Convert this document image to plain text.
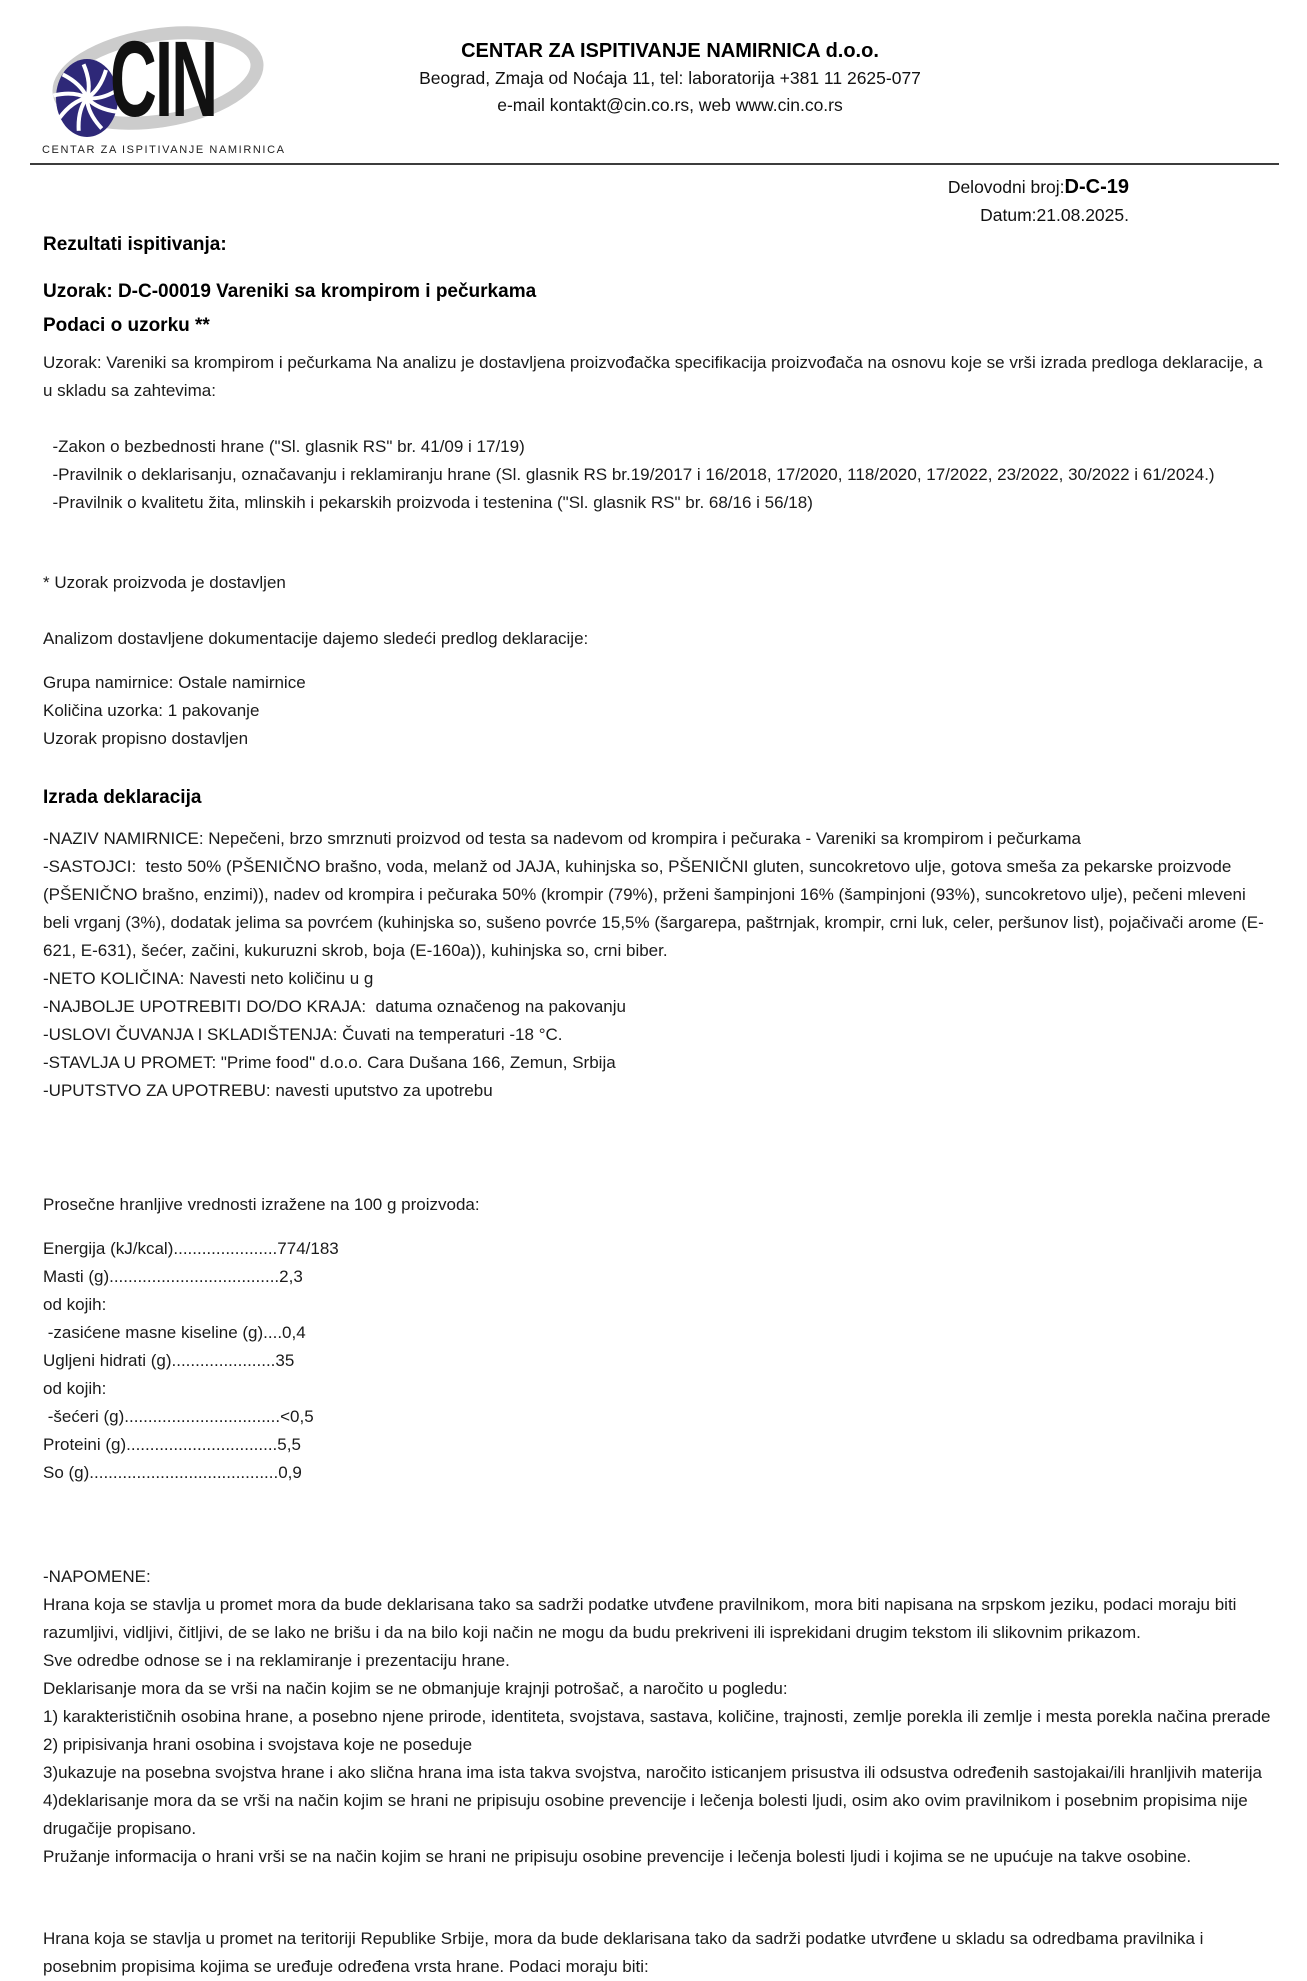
CIN
CENTAR ZA ISPITIVANJE NAMIRNICA
CENTAR ZA ISPITIVANJE NAMIRNICA d.o.o.
Beograd, Zmaja od Noćaja 11, tel: laboratorija +381 11 2625-077
e-mail kontakt@cin.co.rs, web www.cin.co.rs
Delovodni broj:D-C-19
Datum:21.08.2025.
Rezultati ispitivanja:
Uzorak: D-C-00019 Vareniki sa krompirom i pečurkama
Podaci o uzorku **

Uzorak: Vareniki sa krompirom i pečurkama Na analizu je dostavljena proizvođačka specifikacija proizvođača na osnovu koje se vrši izrada predloga deklaracije, a u skladu sa zahtevima:

-Zakon o bezbednosti hrane ("Sl. glasnik RS" br. 41/09 i 17/19)

-Pravilnik o deklarisanju, označavanju i reklamiranju hrane (Sl. glasnik RS br.19/2017 i 16/2018, 17/2020, 118/2020, 17/2022, 23/2022, 30/2022 i 61/2024.)

-Pravilnik o kvalitetu žita, mlinskih i pekarskih proizvoda i testenina ("Sl. glasnik RS" br. 68/16 i 56/18)

* Uzorak proizvoda je dostavljen

Analizom dostavljene dokumentacije dajemo sledeći predlog deklaracije:

Grupa namirnice: Ostale namirnice

Količina uzorka: 1 pakovanje

Uzorak propisno dostavljen

Izrada deklaracija

-NAZIV NAMIRNICE: Nepečeni, brzo smrznuti proizvod od testa sa nadevom od krompira i pečuraka - Vareniki sa krompirom i pečurkama

-SASTOJCI:  testo 50% (PŠENIČNO brašno, voda, melanž od JAJA, kuhinjska so, PŠENIČNI gluten, suncokretovo ulje, gotova smeša za pekarske proizvode (PŠENIČNO brašno, enzimi)), nadev od krompira i pečuraka 50% (krompir (79%), prženi šampinjoni 16% (šampinjoni (93%), suncokretovo ulje), pečeni mleveni beli vrganj (3%), dodatak jelima sa povrćem (kuhinjska so, sušeno povrće 15,5% (šargarepa, paštrnjak, krompir, crni luk, celer, peršunov list), pojačivači arome (E-621, E-631), šećer, začini, kukuruzni skrob, boja (E-160a)), kuhinjska so, crni biber.

-NETO KOLIČINA: Navesti neto količinu u g

-NAJBOLJE UPOTREBITI DO/DO KRAJA:  datuma označenog na pakovanju

-USLOVI ČUVANJA I SKLADIŠTENJA: Čuvati na temperaturi -18 °C.

-STAVLJA U PROMET: "Prime food" d.o.o. Cara Dušana 166, Zemun, Srbija

-UPUTSTVO ZA UPOTREBU: navesti uputstvo za upotrebu

Prosečne hranljive vrednosti izražene na 100 g proizvoda:

Energija (kJ/kcal)......................774/183

Masti (g)....................................2,3

od kojih:

-zasićene masne kiseline (g)....0,4

Ugljeni hidrati (g)......................35

od kojih:

-šećeri (g).................................<0,5

Proteini (g)................................5,5

So (g)........................................0,9

-NAPOMENE:

Hrana koja se stavlja u promet mora da bude deklarisana tako sa sadrži podatke utvđene pravilnikom, mora biti napisana na srpskom jeziku, podaci moraju biti razumljivi, vidljivi, čitljivi, de se lako ne brišu i da na bilo koji način ne mogu da budu prekriveni ili isprekidani drugim tekstom ili slikovnim prikazom.

Sve odredbe odnose se i na reklamiranje i prezentaciju hrane.

Deklarisanje mora da se vrši na način kojim se ne obmanjuje krajnji potrošač, a naročito u pogledu:

1) karakterističnih osobina hrane, a posebno njene prirode, identiteta, svojstava, sastava, količine, trajnosti, zemlje porekla ili zemlje i mesta porekla načina prerade

2) pripisivanja hrani osobina i svojstava koje ne poseduje

3)ukazuje na posebna svojstva hrane i ako slična hrana ima ista takva svojstva, naročito isticanjem prisustva ili odsustva određenih sastojakai/ili hranljivih materija

4)deklarisanje mora da se vrši na način kojim se hrani ne pripisuju osobine prevencije i lečenja bolesti ljudi, osim ako ovim pravilnikom i posebnim propisima nije drugačije propisano.

Pružanje informacija o hrani vrši se na način kojim se hrani ne pripisuju osobine prevencije i lečenja bolesti ljudi i kojima se ne upućuje na takve osobine.

Hrana koja se stavlja u promet na teritoriji Republike Srbije, mora da bude deklarisana tako da sadrži podatke utvrđene u skladu sa odredbama pravilnika i posebnim propisima kojima se uređuje određena vrsta hrane. Podaci moraju biti:
